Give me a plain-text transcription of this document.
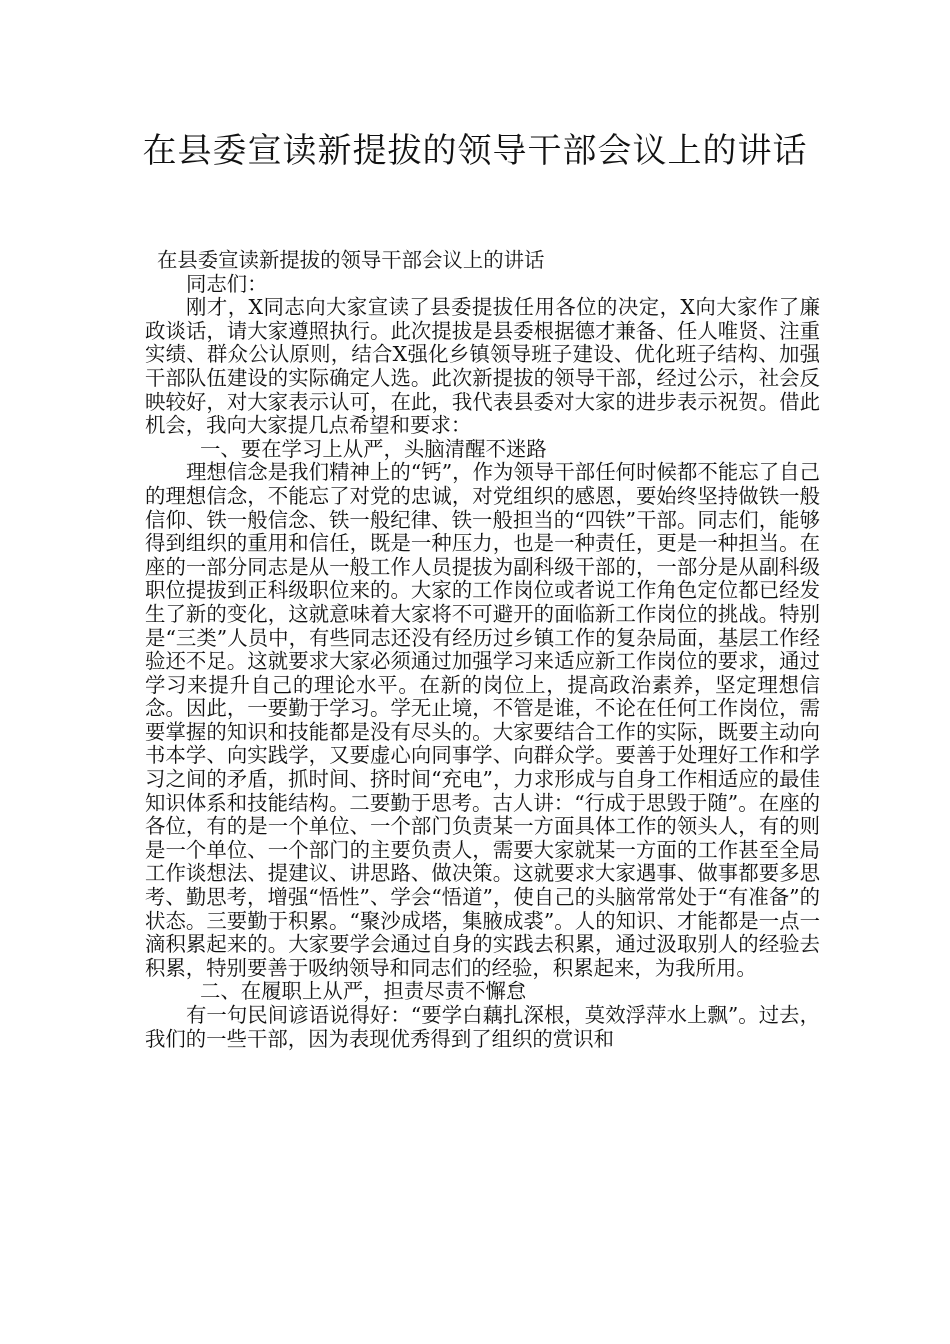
在县委宣读新提拔的领导干部会议上的讲话

在县委宣读新提拔的领导干部会议上的讲话

同志们：

刚才，X同志向大家宣读了县委提拔任用各位的决定，X向大家作了廉政谈话，请大家遵照执行。此次提拔是县委根据德才兼备、任人唯贤、注重实绩、群众公认原则，结合X强化乡镇领导班子建设、优化班子结构、加强干部队伍建设的实际确定人选。此次新提拔的领导干部，经过公示，社会反映较好，对大家表示认可，在此，我代表县委对大家的进步表示祝贺。借此机会，我向大家提几点希望和要求：

一、要在学习上从严，头脑清醒不迷路

理想信念是我们精神上的“钙”，作为领导干部任何时候都不能忘了自己的理想信念，不能忘了对党的忠诚，对党组织的感恩，要始终坚持做铁一般信仰、铁一般信念、铁一般纪律、铁一般担当的“四铁”干部。同志们，能够得到组织的重用和信任，既是一种压力，也是一种责任，更是一种担当。在座的一部分同志是从一般工作人员提拔为副科级干部的，一部分是从副科级职位提拔到正科级职位来的。大家的工作岗位或者说工作角色定位都已经发生了新的变化，这就意味着大家将不可避开的面临新工作岗位的挑战。特别是“三类”人员中，有些同志还没有经历过乡镇工作的复杂局面，基层工作经验还不足。这就要求大家必须通过加强学习来适应新工作岗位的要求，通过学习来提升自己的理论水平。在新的岗位上，提高政治素养，坚定理想信念。因此，一要勤于学习。学无止境，不管是谁，不论在任何工作岗位，需要掌握的知识和技能都是没有尽头的。大家要结合工作的实际，既要主动向书本学、向实践学，又要虚心向同事学、向群众学。要善于处理好工作和学习之间的矛盾，抓时间、挤时间“充电”，力求形成与自身工作相适应的最佳知识体系和技能结构。二要勤于思考。古人讲：“行成于思毁于随”。在座的各位，有的是一个单位、一个部门负责某一方面具体工作的领头人，有的则是一个单位、一个部门的主要负责人，需要大家就某一方面的工作甚至全局工作谈想法、提建议、讲思路、做决策。这就要求大家遇事、做事都要多思考、勤思考，增强“悟性”、学会“悟道”，使自己的头脑常常处于“有准备”的状态。三要勤于积累。“聚沙成塔，集腋成裘”。人的知识、才能都是一点一滴积累起来的。大家要学会通过自身的实践去积累，通过汲取别人的经验去积累，特别要善于吸纳领导和同志们的经验，积累起来，为我所用。

二、在履职上从严，担责尽责不懈怠

有一句民间谚语说得好：“要学白藕扎深根，莫效浮萍水上飘”。过去，我们的一些干部，因为表现优秀得到了组织的赏识和
